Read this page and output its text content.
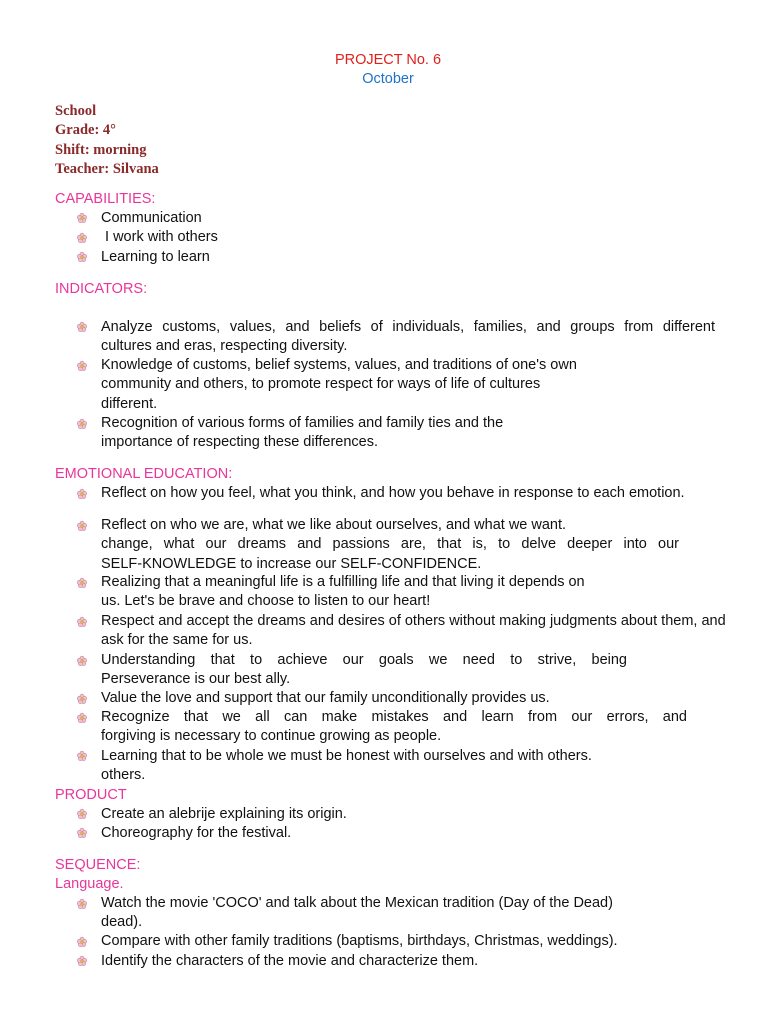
PROJECT No. 6
October
School
Grade: 4°
Shift: morning
Teacher: Silvana
CAPABILITIES:
Communication
I work with others
Learning to learn
INDICATORS:
Analyze customs, values, and beliefs of individuals, families, and groups from different
cultures and eras, respecting diversity.
Knowledge of customs, belief systems, values, and traditions of one's own
community and others, to promote respect for ways of life of cultures
different.
Recognition of various forms of families and family ties and the
importance of respecting these differences.
EMOTIONAL EDUCATION:
Reflect on how you feel, what you think, and how you behave in response to each emotion.
Reflect on who we are, what we like about ourselves, and what we want.
change, what our dreams and passions are, that is, to delve deeper into our
SELF-KNOWLEDGE to increase our SELF-CONFIDENCE.
Realizing that a meaningful life is a fulfilling life and that living it depends on
us. Let's be brave and choose to listen to our heart!
Respect and accept the dreams and desires of others without making judgments about them, and
ask for the same for us.
Understanding that to achieve our goals we need to strive, being
Perseverance is our best ally.
Value the love and support that our family unconditionally provides us.
Recognize that we all can make mistakes and learn from our errors, and
forgiving is necessary to continue growing as people.
Learning that to be whole we must be honest with ourselves and with others.
others.
PRODUCT
Create an alebrije explaining its origin.
Choreography for the festival.
SEQUENCE:
Language.
Watch the movie 'COCO' and talk about the Mexican tradition (Day of the Dead)
dead).
Compare with other family traditions (baptisms, birthdays, Christmas, weddings).
Identify the characters of the movie and characterize them.
